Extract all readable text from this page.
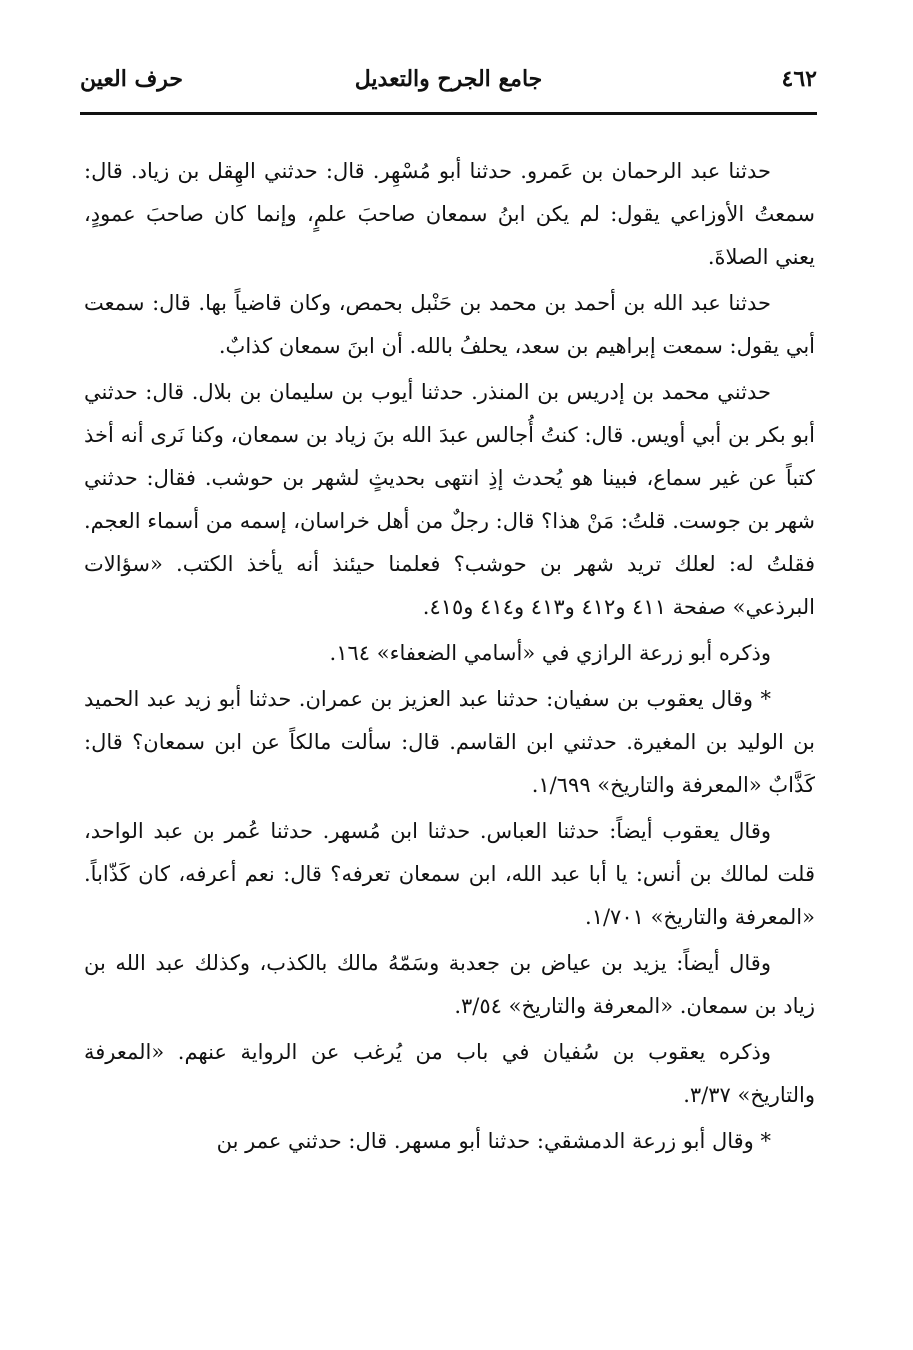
٤٦٢
جامع الجرح والتعديل
حرف العين

حدثنا عبد الرحمان بن عَمرو. حدثنا أبو مُسْهِر. قال: حدثني الهِقل بن زياد. قال: سمعتُ الأوزاعي يقول: لم يكن ابنُ سمعان صاحبَ علمٍ، وإنما كان صاحبَ عمودٍ، يعني الصلاةَ.

حدثنا عبد الله بن أحمد بن محمد بن حَنْبل بحمص، وكان قاضياً بها. قال: سمعت أبي يقول: سمعت إبراهيم بن سعد، يحلفُ بالله. أن ابنَ سمعان كذابٌ.

حدثني محمد بن إدريس بن المنذر. حدثنا أيوب بن سليمان بن بلال. قال: حدثني أبو بكر بن أبي أويس. قال: كنتُ أُجالس عبدَ الله بنَ زياد بن سمعان، وكنا نَرى أنه أخذ كتباً عن غير سماع، فبينا هو يُحدث إذِ انتهى بحديثٍ لشهر بن حوشب. فقال: حدثني شهر بن جوست. قلتُ: مَنْ هذا؟ قال: رجلٌ من أهل خراسان، إسمه من أسماء العجم. فقلتُ له: لعلك تريد شهر بن حوشب؟ فعلمنا حيئنذ أنه يأخذ الكتب. «سؤالات البرذعي» صفحة ٤١١ و٤١٢ و٤١٣ و٤١٤ و٤١٥.

وذكره أبو زرعة الرازي في «أسامي الضعفاء» ١٦٤.

* وقال يعقوب بن سفيان: حدثنا عبد العزيز بن عمران. حدثنا أبو زيد عبد الحميد بن الوليد بن المغيرة. حدثني ابن القاسم. قال: سألت مالكاً عن ابن سمعان؟ قال: كَذَّابٌ «المعرفة والتاريخ» ١/٦٩٩.

وقال يعقوب أيضاً: حدثنا العباس. حدثنا ابن مُسهر. حدثنا عُمر بن عبد الواحد، قلت لمالك بن أنس: يا أبا عبد الله، ابن سمعان تعرفه؟ قال: نعم أعرفه، كان كَذّاباً. «المعرفة والتاريخ» ١/٧٠١.

وقال أيضاً: يزيد بن عياض بن جعدبة وسَمّهُ مالك بالكذب، وكذلك عبد الله بن زياد بن سمعان. «المعرفة والتاريخ» ٣/٥٤.

وذكره يعقوب بن سُفيان في باب من يُرغب عن الرواية عنهم. «المعرفة والتاريخ» ٣/٣٧.

* وقال أبو زرعة الدمشقي: حدثنا أبو مسهر. قال: حدثني عمر بن
